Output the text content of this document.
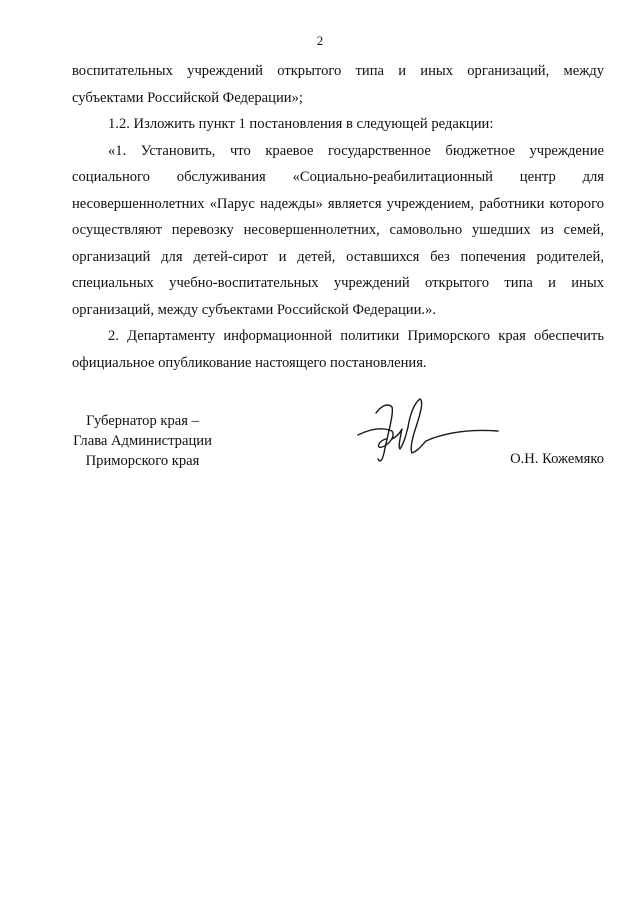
2

воспитательных учреждений открытого типа и иных организаций, между субъектами Российской Федерации»;

1.2. Изложить пункт 1 постановления в следующей редакции:

«1. Установить, что краевое государственное бюджетное учреждение социального обслуживания «Социально-реабилитационный центр для несовершеннолетних «Парус надежды» является учреждением, работники которого осуществляют перевозку несовершеннолетних, самовольно ушедших из семей, организаций для детей-сирот и детей, оставшихся без попечения родителей, специальных учебно-воспитательных учреждений открытого типа и иных организаций, между субъектами Российской Федерации.».

2. Департаменту информационной политики Приморского края обеспечить официальное опубликование настоящего постановления.

Губернатор края –
Глава Администрации
Приморского края	О.Н. Кожемяко
